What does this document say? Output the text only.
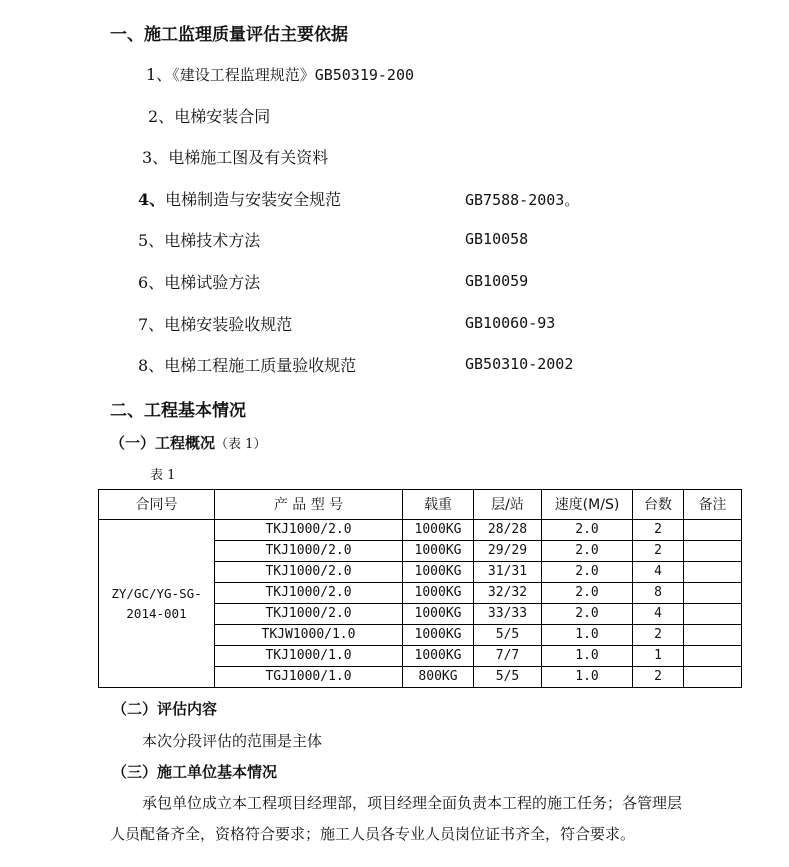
一、施工监理质量评估主要依据
1、《建设工程监理规范》GB50319-200
2、电梯安装合同
3、电梯施工图及有关资料
4、电梯制造与安装安全规范	GB7588-2003。
5、电梯技术方法	GB10058
6、电梯试验方法	GB10059
7、电梯安装验收规范	GB10060-93
8、电梯工程施工质量验收规范	GB50310-2002
二、工程基本情况
（一）工程概况（表 1）
表 1
合同号	产 品 型 号	载重	层/站	速度(M/S)	台数	备注
ZY/GC/YG-SG-2014-001	TKJ1000/2.0	1000KG	28/28	2.0	2	
	TKJ1000/2.0	1000KG	29/29	2.0	2	
	TKJ1000/2.0	1000KG	31/31	2.0	4	
	TKJ1000/2.0	1000KG	32/32	2.0	8	
	TKJ1000/2.0	1000KG	33/33	2.0	4	
	TKJW1000/1.0	1000KG	5/5	1.0	2	
	TKJ1000/1.0	1000KG	7/7	1.0	1	
	TGJ1000/1.0	800KG	5/5	1.0	2	
（二）评估内容
本次分段评估的范围是主体
（三）施工单位基本情况
承包单位成立本工程项目经理部，项目经理全面负责本工程的施工任务；各管理层
人员配备齐全，资格符合要求；施工人员各专业人员岗位证书齐全，符合要求。
